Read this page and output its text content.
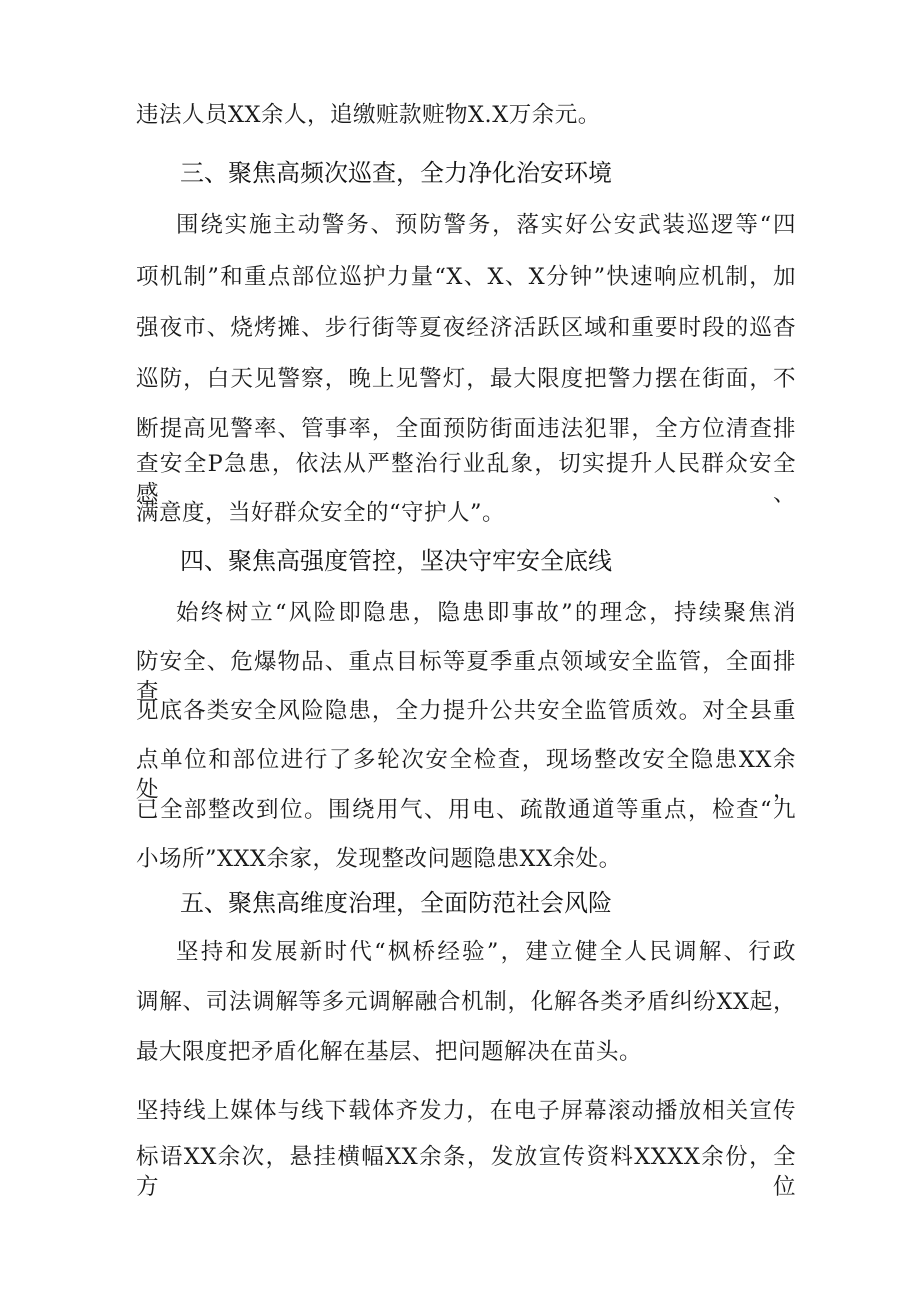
违法人员XX余人，追缴赃款赃物X.X万余元。
三、聚焦高频次巡查，全力净化治安环境
围绕实施主动警务、预防警务，落实好公安武装巡逻等“四
项机制”和重点部位巡护力量“X、X、X分钟”快速响应机制，加
强夜市、烧烤摊、步行街等夏夜经济活跃区域和重要时段的巡杳
巡防，白天见警察，晚上见警灯，最大限度把警力摆在街面，不
断提高见警率、管事率，全面预防街面违法犯罪，全方位清查排
查安全P急患，依法从严整治行业乱象，切实提升人民群众安全感、
满意度，当好群众安全的“守护人”。
四、聚焦高强度管控，坚决守牢安全底线
始终树立“风险即隐患，隐患即事故”的理念，持续聚焦消
防安全、危爆物品、重点目标等夏季重点领域安全监管，全面排查
见底各类安全风险隐患，全力提升公共安全监管质效。对全县重
点单位和部位进行了多轮次安全检查，现场整改安全隐患XX余处，
已全部整改到位。围绕用气、用电、疏散通道等重点，检查“九
小场所”XXX余家，发现整改问题隐患XX余处。
五、聚焦高维度治理，全面防范社会风险
坚持和发展新时代“枫桥经验”，建立健全人民调解、行政
调解、司法调解等多元调解融合机制，化解各类矛盾纠纷XX起，
最大限度把矛盾化解在基层、把问题解决在苗头。
坚持线上媒体与线下载体齐发力，在电子屏幕滚动播放相关宣传
标语XX余次，悬挂横幅XX余条，发放宣传资料XXXX余份，全方位
